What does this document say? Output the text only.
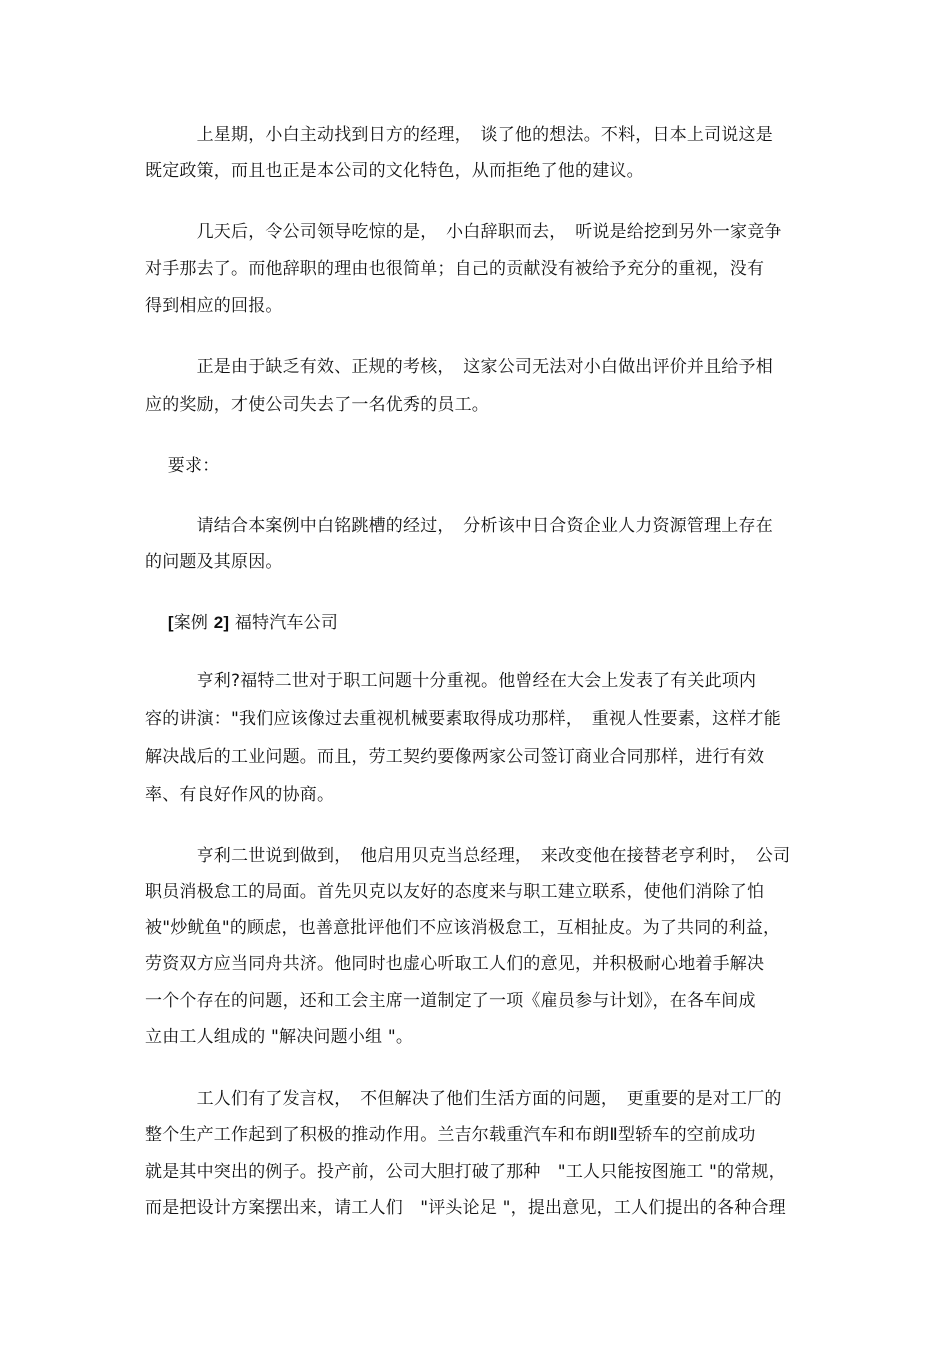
　　　上星期，小白主动找到日方的经理，　谈了他的想法。不料，日本上司说这是
既定政策，而且也正是本公司的文化特色，从而拒绝了他的建议。
　　　几天后，令公司领导吃惊的是，　小白辞职而去，　听说是给挖到另外一家竞争
对手那去了。而他辞职的理由也很简单；自己的贡献没有被给予充分的重视，没有
得到相应的回报。
　　　正是由于缺乏有效、正规的考核，　这家公司无法对小白做出评价并且给予相
应的奖励，才使公司失去了一名优秀的员工。
　 要求：
　　　请结合本案例中白铭跳槽的经过，　分析该中日合资企业人力资源管理上存在
的问题及其原因。
　 [案例 2] 福特汽车公司
　　　亨利?福特二世对于职工问题十分重视。他曾经在大会上发表了有关此项内
容的讲演："我们应该像过去重视机械要素取得成功那样，　重视人性要素，这样才能
解决战后的工业问题。而且，劳工契约要像两家公司签订商业合同那样，进行有效
率、有良好作风的协商。
　　　亨利二世说到做到，　他启用贝克当总经理，　来改变他在接替老亨利时，　公司
职员消极怠工的局面。首先贝克以友好的态度来与职工建立联系，使他们消除了怕
被"炒鱿鱼"的顾虑，也善意批评他们不应该消极怠工，互相扯皮。为了共同的利益，
劳资双方应当同舟共济。他同时也虚心听取工人们的意见，并积极耐心地着手解决
一个个存在的问题，还和工会主席一道制定了一项《雇员参与计划》，在各车间成
立由工人组成的 "解决问题小组 "。
　　　工人们有了发言权，　不但解决了他们生活方面的问题，　更重要的是对工厂的
整个生产工作起到了积极的推动作用。兰吉尔载重汽车和布朗Ⅱ型轿车的空前成功
就是其中突出的例子。投产前，公司大胆打破了那种　"工人只能按图施工 "的常规，
而是把设计方案摆出来，请工人们　"评头论足 "，提出意见，工人们提出的各种合理
